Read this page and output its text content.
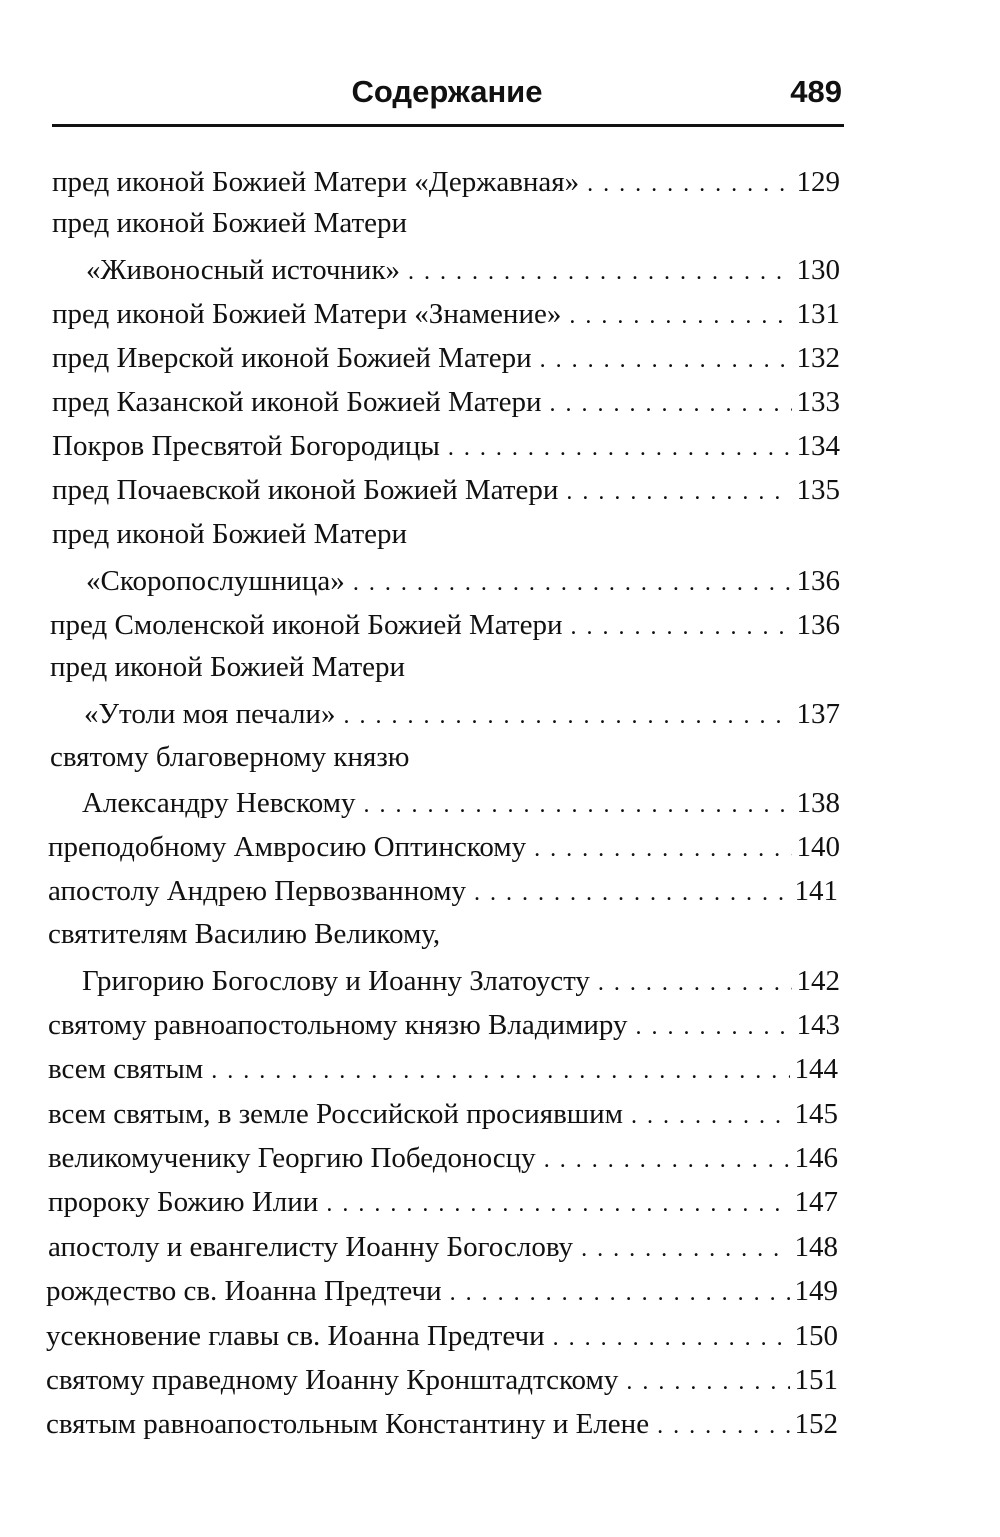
Содержание	489
пред иконой Божией Матери «Державная» . . .	129
пред иконой Божией Матери
«Живоносный источник» . . .	130
пред иконой Божией Матери «Знамение» . . .	131
пред Иверской иконой Божией Матери . . .	132
пред Казанской иконой Божией Матери . . .	133
Покров Пресвятой Богородицы . . .	134
пред Почаевской иконой Божией Матери . . .	135
пред иконой Божией Матери
«Скоропослушница» . . .	136
пред Смоленской иконой Божией Матери . . .	136
пред иконой Божией Матери
«Утоли моя печали» . . .	137
святому благоверному князю
Александру Невскому . . .	138
преподобному Амвросию Оптинскому . . .	140
апостолу Андрею Первозванному . . .	141
святителям Василию Великому,
Григорию Богослову и Иоанну Златоусту . . .	142
святому равноапостольному князю Владимиру . . .	143
всем святым . . .	144
всем святым, в земле Российской просиявшим . . .	145
великомученику Георгию Победоносцу . . .	146
пророку Божию Илии . . .	147
апостолу и евангелисту Иоанну Богослову . . .	148
рождество св. Иоанна Предтечи . . .	149
усекновение главы св. Иоанна Предтечи . . .	150
святому праведному Иоанну Кронштадтскому . . .	151
святым равноапостольным Константину и Елене . . .	152
